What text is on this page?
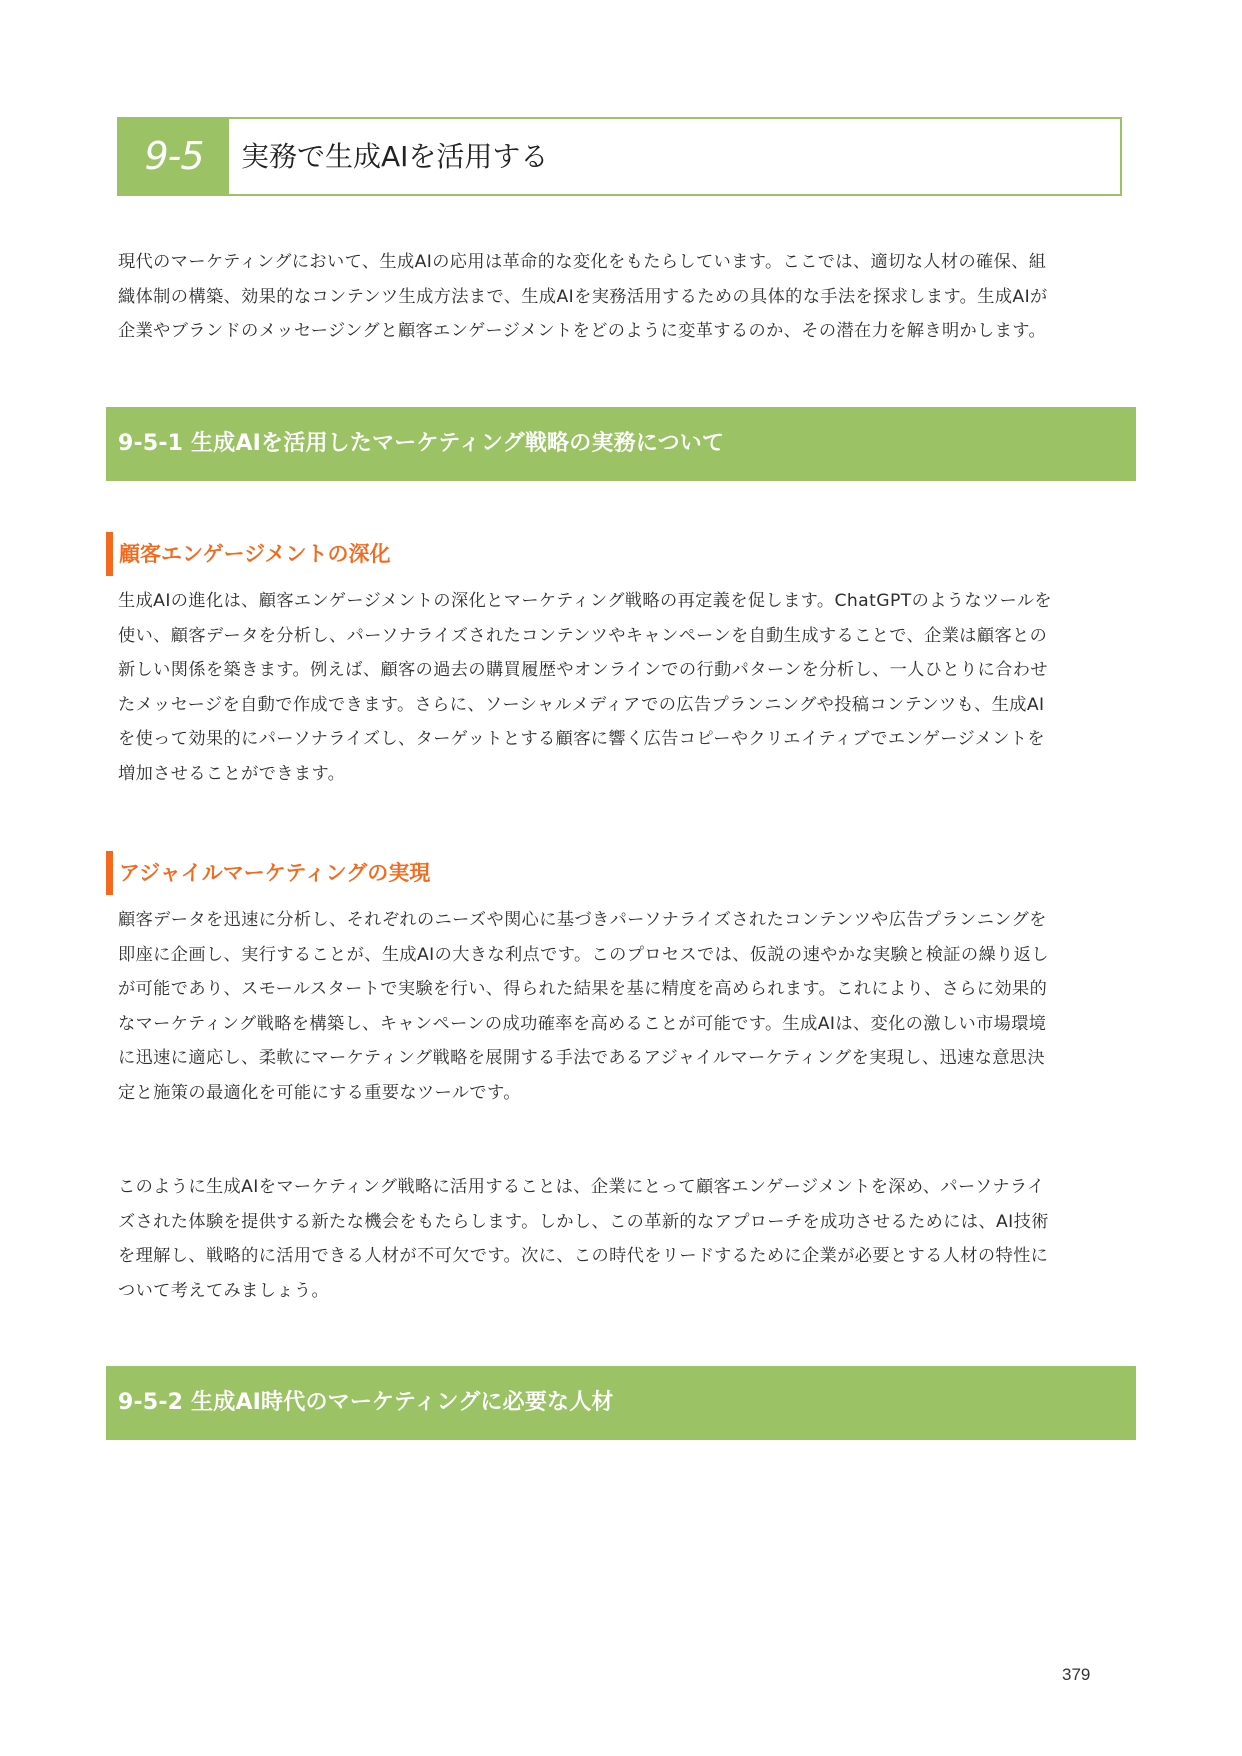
9-5	実務で生成AIを活用する
現代のマーケティングにおいて、生成AIの応用は革命的な変化をもたらしています。ここでは、適切な人材の確保、組
織体制の構築、効果的なコンテンツ生成方法まで、生成AIを実務活用するための具体的な手法を探求します。生成AIが
企業やブランドのメッセージングと顧客エンゲージメントをどのように変革するのか、その潜在力を解き明かします。
9-5-1 生成AIを活用したマーケティング戦略の実務について
顧客エンゲージメントの深化
生成AIの進化は、顧客エンゲージメントの深化とマーケティング戦略の再定義を促します。ChatGPTのようなツールを
使い、顧客データを分析し、パーソナライズされたコンテンツやキャンペーンを自動生成することで、企業は顧客との
新しい関係を築きます。例えば、顧客の過去の購買履歴やオンラインでの行動パターンを分析し、一人ひとりに合わせ
たメッセージを自動で作成できます。さらに、ソーシャルメディアでの広告プランニングや投稿コンテンツも、生成AI
を使って効果的にパーソナライズし、ターゲットとする顧客に響く広告コピーやクリエイティブでエンゲージメントを
増加させることができます。
アジャイルマーケティングの実現
顧客データを迅速に分析し、それぞれのニーズや関心に基づきパーソナライズされたコンテンツや広告プランニングを
即座に企画し、実行することが、生成AIの大きな利点です。このプロセスでは、仮説の速やかな実験と検証の繰り返し
が可能であり、スモールスタートで実験を行い、得られた結果を基に精度を高められます。これにより、さらに効果的
なマーケティング戦略を構築し、キャンペーンの成功確率を高めることが可能です。生成AIは、変化の激しい市場環境
に迅速に適応し、柔軟にマーケティング戦略を展開する手法であるアジャイルマーケティングを実現し、迅速な意思決
定と施策の最適化を可能にする重要なツールです。
このように生成AIをマーケティング戦略に活用することは、企業にとって顧客エンゲージメントを深め、パーソナライ
ズされた体験を提供する新たな機会をもたらします。しかし、この革新的なアプローチを成功させるためには、AI技術
を理解し、戦略的に活用できる人材が不可欠です。次に、この時代をリードするために企業が必要とする人材の特性に
ついて考えてみましょう。
9-5-2 生成AI時代のマーケティングに必要な人材
379
